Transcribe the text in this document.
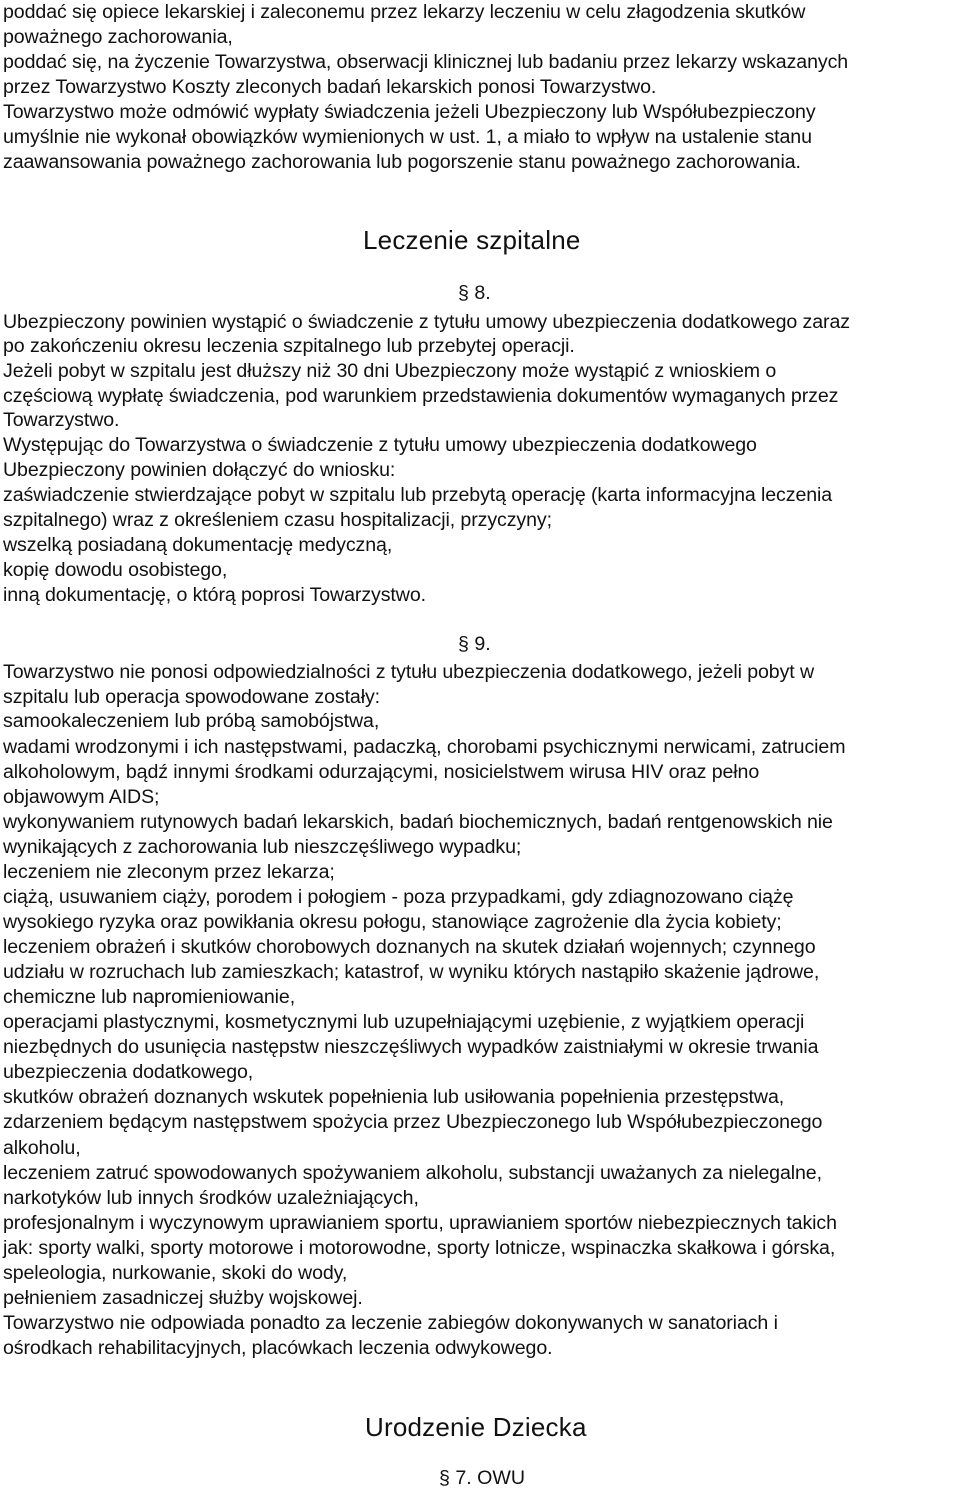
poddać się opiece lekarskiej i zaleconemu przez lekarzy leczeniu w celu złagodzenia skutków
poważnego zachorowania,
poddać się, na życzenie Towarzystwa, obserwacji klinicznej lub badaniu przez lekarzy wskazanych
przez Towarzystwo Koszty zleconych badań lekarskich ponosi Towarzystwo.
Towarzystwo może odmówić wypłaty świadczenia jeżeli Ubezpieczony lub Współubezpieczony
umyślnie nie wykonał obowiązków wymienionych w ust. 1, a miało to wpływ na ustalenie stanu
zaawansowania poważnego zachorowania lub pogorszenie stanu poważnego zachorowania.
Leczenie szpitalne
§ 8.
Ubezpieczony powinien wystąpić o świadczenie z tytułu umowy ubezpieczenia dodatkowego zaraz
po zakończeniu okresu leczenia szpitalnego lub przebytej operacji.
Jeżeli pobyt w szpitalu jest dłuższy niż 30 dni Ubezpieczony może wystąpić z wnioskiem o
częściową wypłatę świadczenia, pod warunkiem przedstawienia dokumentów wymaganych przez
Towarzystwo.
Występując do Towarzystwa o świadczenie z tytułu umowy ubezpieczenia dodatkowego
Ubezpieczony powinien dołączyć do wniosku:
zaświadczenie stwierdzające pobyt w szpitalu lub przebytą operację (karta informacyjna leczenia
szpitalnego) wraz z określeniem czasu hospitalizacji, przyczyny;
wszelką posiadaną dokumentację medyczną,
kopię dowodu osobistego,
inną dokumentację, o którą poprosi Towarzystwo.
§ 9.
Towarzystwo nie ponosi odpowiedzialności z tytułu ubezpieczenia dodatkowego, jeżeli pobyt w
szpitalu lub operacja spowodowane zostały:
samookaleczeniem lub próbą samobójstwa,
wadami wrodzonymi i ich następstwami, padaczką, chorobami psychicznymi nerwicami, zatruciem
alkoholowym, bądź innymi środkami odurzającymi, nosicielstwem wirusa HIV oraz pełno
objawowym AIDS;
wykonywaniem rutynowych badań lekarskich, badań biochemicznych, badań rentgenowskich nie
wynikających z zachorowania lub nieszczęśliwego wypadku;
leczeniem nie zleconym przez lekarza;
ciążą, usuwaniem ciąży, porodem i połogiem - poza przypadkami, gdy zdiagnozowano ciążę
wysokiego ryzyka oraz powikłania okresu połogu, stanowiące zagrożenie dla życia kobiety;
leczeniem obrażeń i skutków chorobowych doznanych na skutek działań wojennych; czynnego
udziału w rozruchach lub zamieszkach; katastrof, w wyniku których nastąpiło skażenie jądrowe,
chemiczne lub napromieniowanie,
operacjami plastycznymi, kosmetycznymi lub uzupełniającymi uzębienie, z wyjątkiem operacji
niezbędnych do usunięcia następstw nieszczęśliwych wypadków zaistniałymi w okresie trwania
ubezpieczenia dodatkowego,
skutków obrażeń doznanych wskutek popełnienia lub usiłowania popełnienia przestępstwa,
zdarzeniem będącym następstwem spożycia przez Ubezpieczonego lub Współubezpieczonego
alkoholu,
leczeniem zatruć spowodowanych spożywaniem alkoholu, substancji uważanych za nielegalne,
narkotyków lub innych środków uzależniających,
profesjonalnym i wyczynowym uprawianiem sportu, uprawianiem sportów niebezpiecznych takich
jak: sporty walki, sporty motorowe i motorowodne, sporty lotnicze, wspinaczka skałkowa i górska,
speleologia, nurkowanie, skoki do wody,
pełnieniem zasadniczej służby wojskowej.
Towarzystwo nie odpowiada ponadto za leczenie zabiegów dokonywanych w sanatoriach i
ośrodkach rehabilitacyjnych, placówkach leczenia odwykowego.
Urodzenie Dziecka
§ 7. OWU
